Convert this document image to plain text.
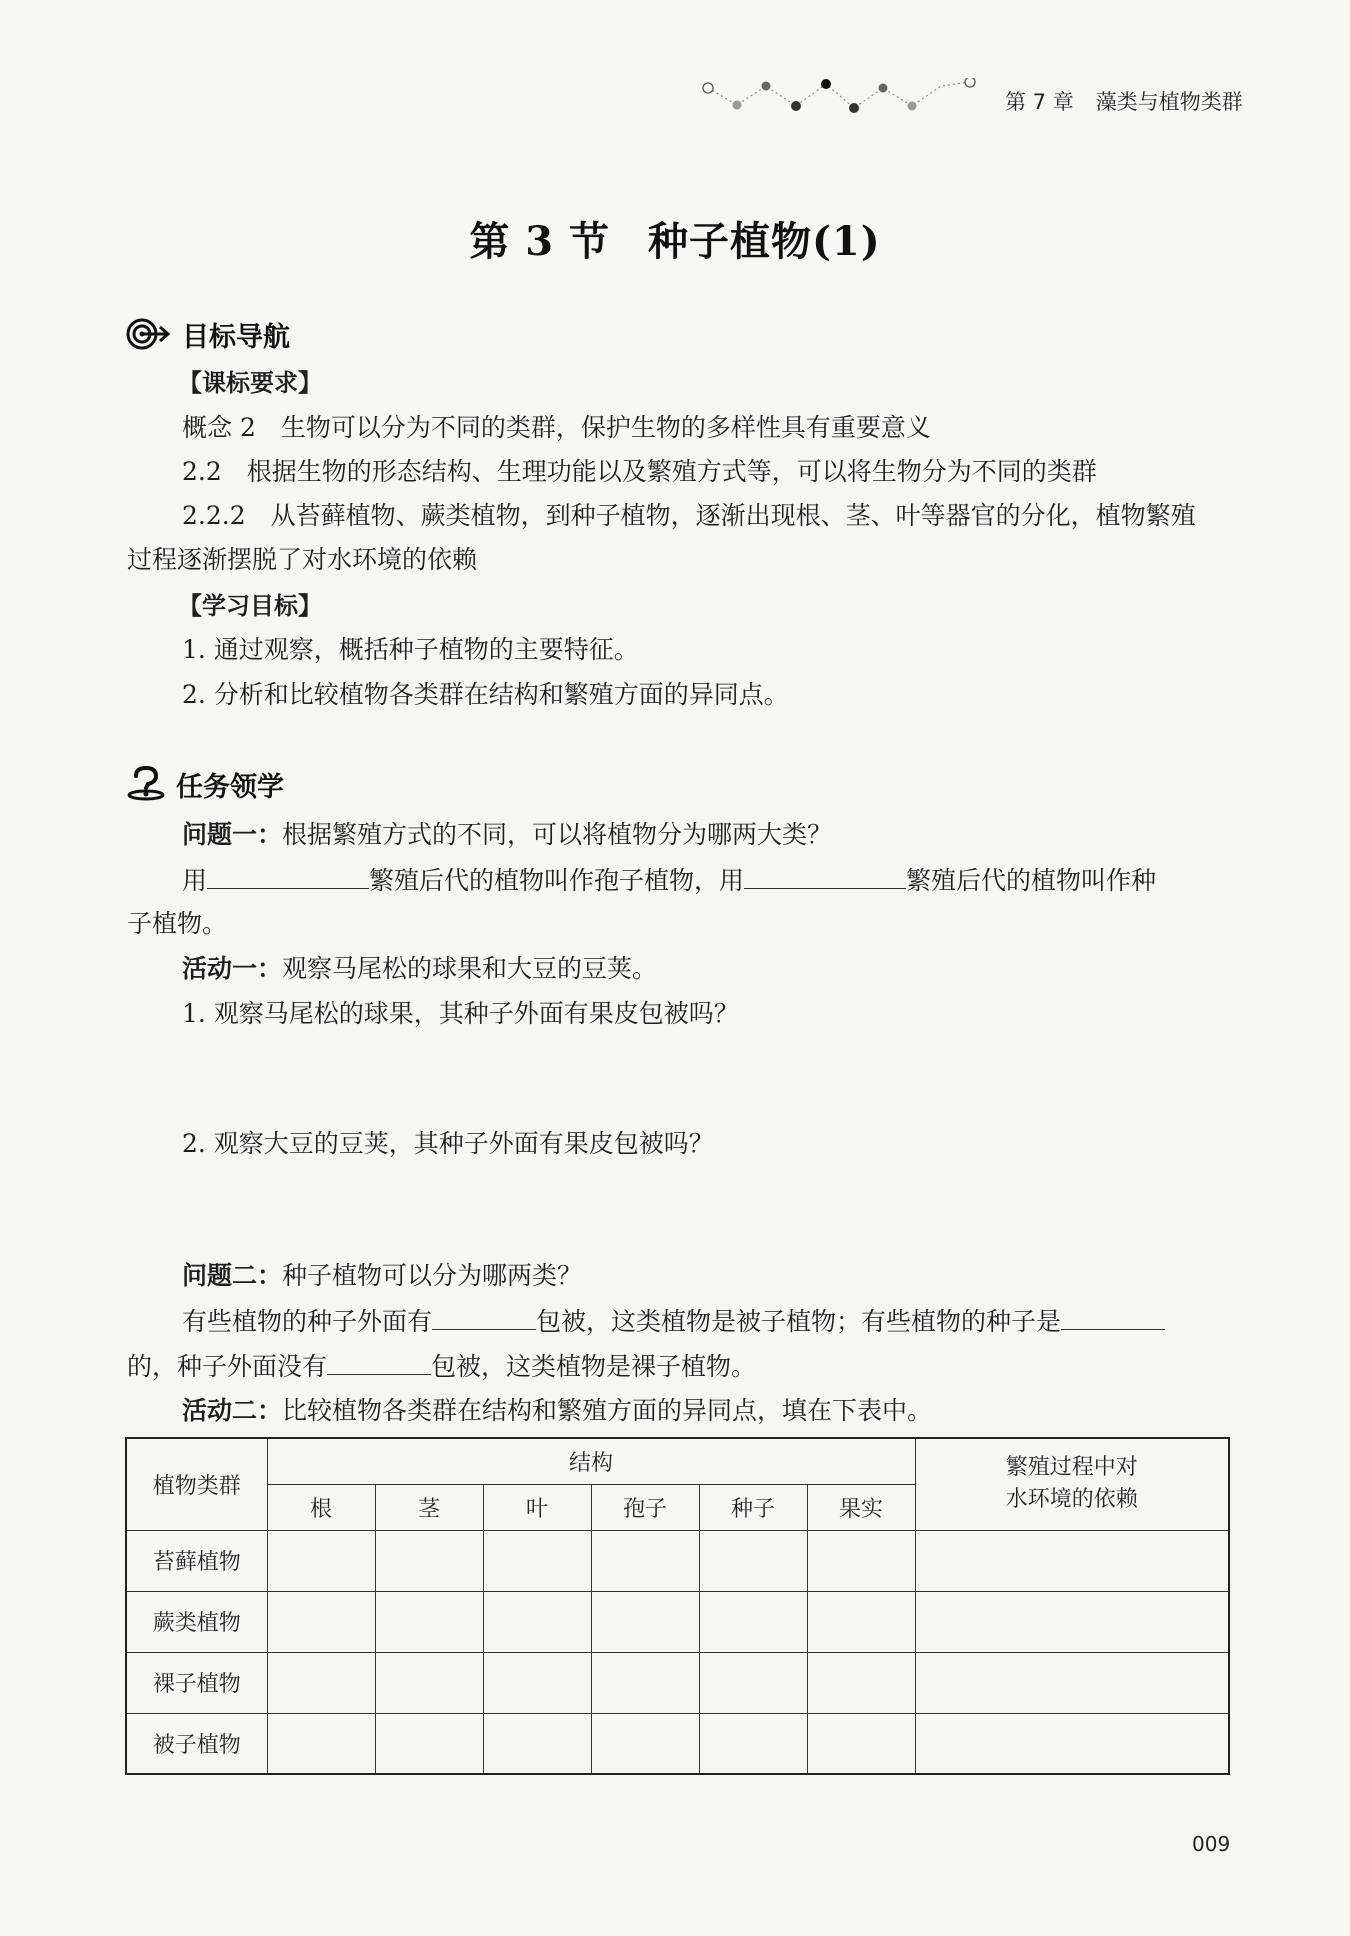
第 7 章 藻类与植物类群
第 3 节 种子植物(1)
目标导航
【课标要求】
概念 2　生物可以分为不同的类群，保护生物的多样性具有重要意义
2.2　根据生物的形态结构、生理功能以及繁殖方式等，可以将生物分为不同的类群
2.2.2　从苔藓植物、蕨类植物，到种子植物，逐渐出现根、茎、叶等器官的分化，植物繁殖
过程逐渐摆脱了对水环境的依赖
【学习目标】
1. 通过观察，概括种子植物的主要特征。
2. 分析和比较植物各类群在结构和繁殖方面的异同点。
任务领学
问题一：根据繁殖方式的不同，可以将植物分为哪两大类？
用	繁殖后代的植物叫作孢子植物，用	繁殖后代的植物叫作种
子植物。
活动一：观察马尾松的球果和大豆的豆荚。
1. 观察马尾松的球果，其种子外面有果皮包被吗？
2. 观察大豆的豆荚，其种子外面有果皮包被吗？
问题二：种子植物可以分为哪两类？
有些植物的种子外面有	包被，这类植物是被子植物；有些植物的种子是
的，种子外面没有	包被，这类植物是裸子植物。
活动二：比较植物各类群在结构和繁殖方面的异同点，填在下表中。
植物类群	结构						繁殖过程中对
水环境的依赖
	根	茎	叶	孢子	种子	果实	
苔藓植物							
蕨类植物							
裸子植物							
被子植物							
009
